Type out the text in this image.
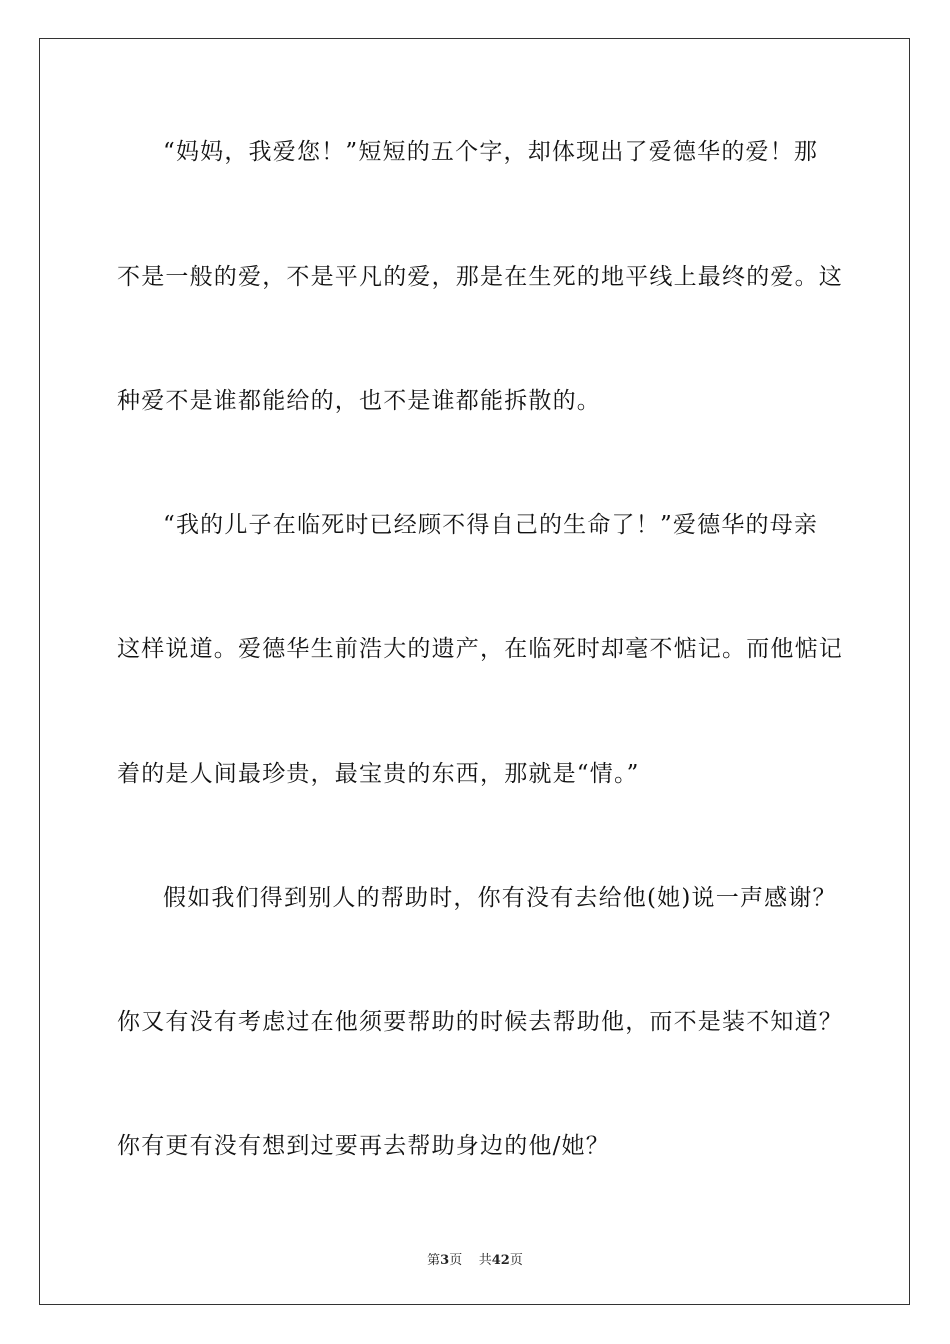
“妈妈，我爱您！”短短的五个字，却体现出了爱德华的爱！那
不是一般的爱，不是平凡的爱，那是在生死的地平线上最终的爱。这
种爱不是谁都能给的，也不是谁都能拆散的。
“我的儿子在临死时已经顾不得自己的生命了！”爱德华的母亲
这样说道。爱德华生前浩大的遗产，在临死时却毫不惦记。而他惦记
着的是人间最珍贵，最宝贵的东西，那就是“情。”
假如我们得到别人的帮助时，你有没有去给他(她)说一声感谢？
你又有没有考虑过在他须要帮助的时候去帮助他，而不是装不知道？
你有更有没有想到过要再去帮助身边的他/她？
第3页 共42页
